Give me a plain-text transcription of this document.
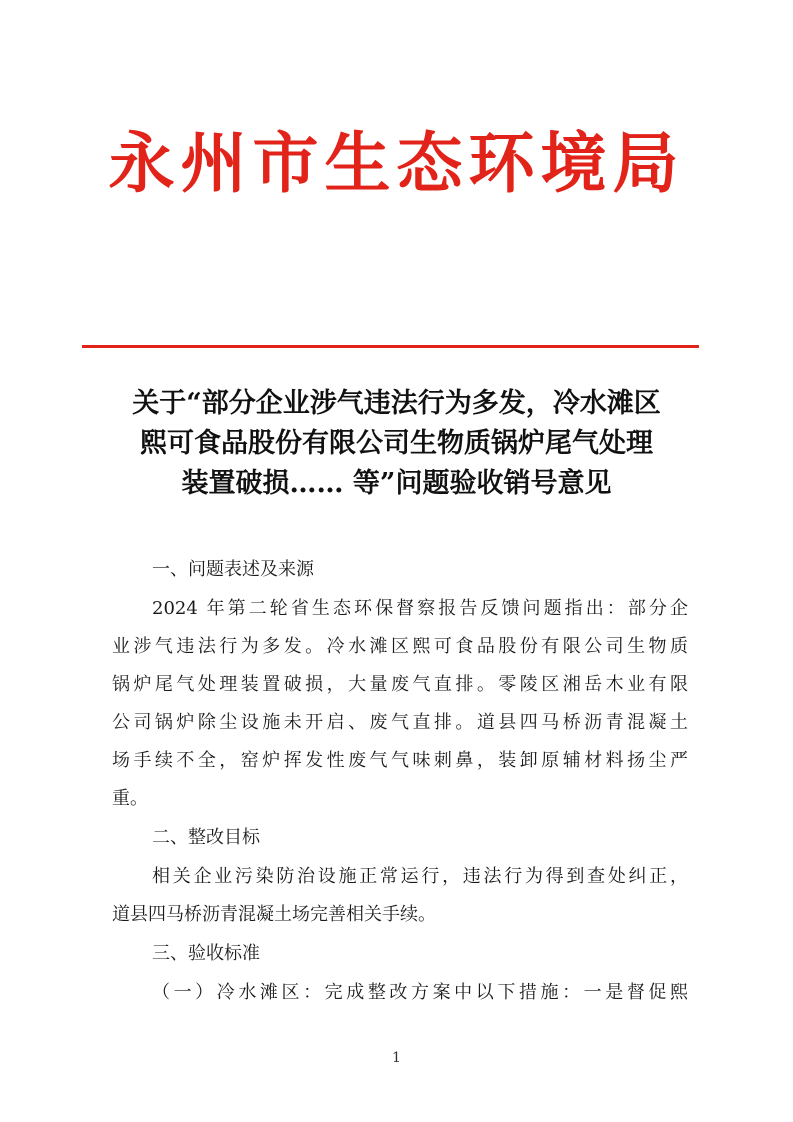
永州市生态环境局
关于“部分企业涉气违法行为多发，冷水滩区
熙可食品股份有限公司生物质锅炉尾气处理
装置破损…… 等”问题验收销号意见
一、问题表述及来源
2024 年第二轮省生态环保督察报告反馈问题指出：部分企
业涉气违法行为多发。冷水滩区熙可食品股份有限公司生物质
锅炉尾气处理装置破损，大量废气直排。零陵区湘岳木业有限
公司锅炉除尘设施未开启、废气直排。道县四马桥沥青混凝土
场手续不全，窑炉挥发性废气气味刺鼻，装卸原辅材料扬尘严
重。
二、整改目标
相关企业污染防治设施正常运行，违法行为得到查处纠正，
道县四马桥沥青混凝土场完善相关手续。
三、验收标准
（一）冷水滩区：完成整改方案中以下措施：一是督促熙
1
